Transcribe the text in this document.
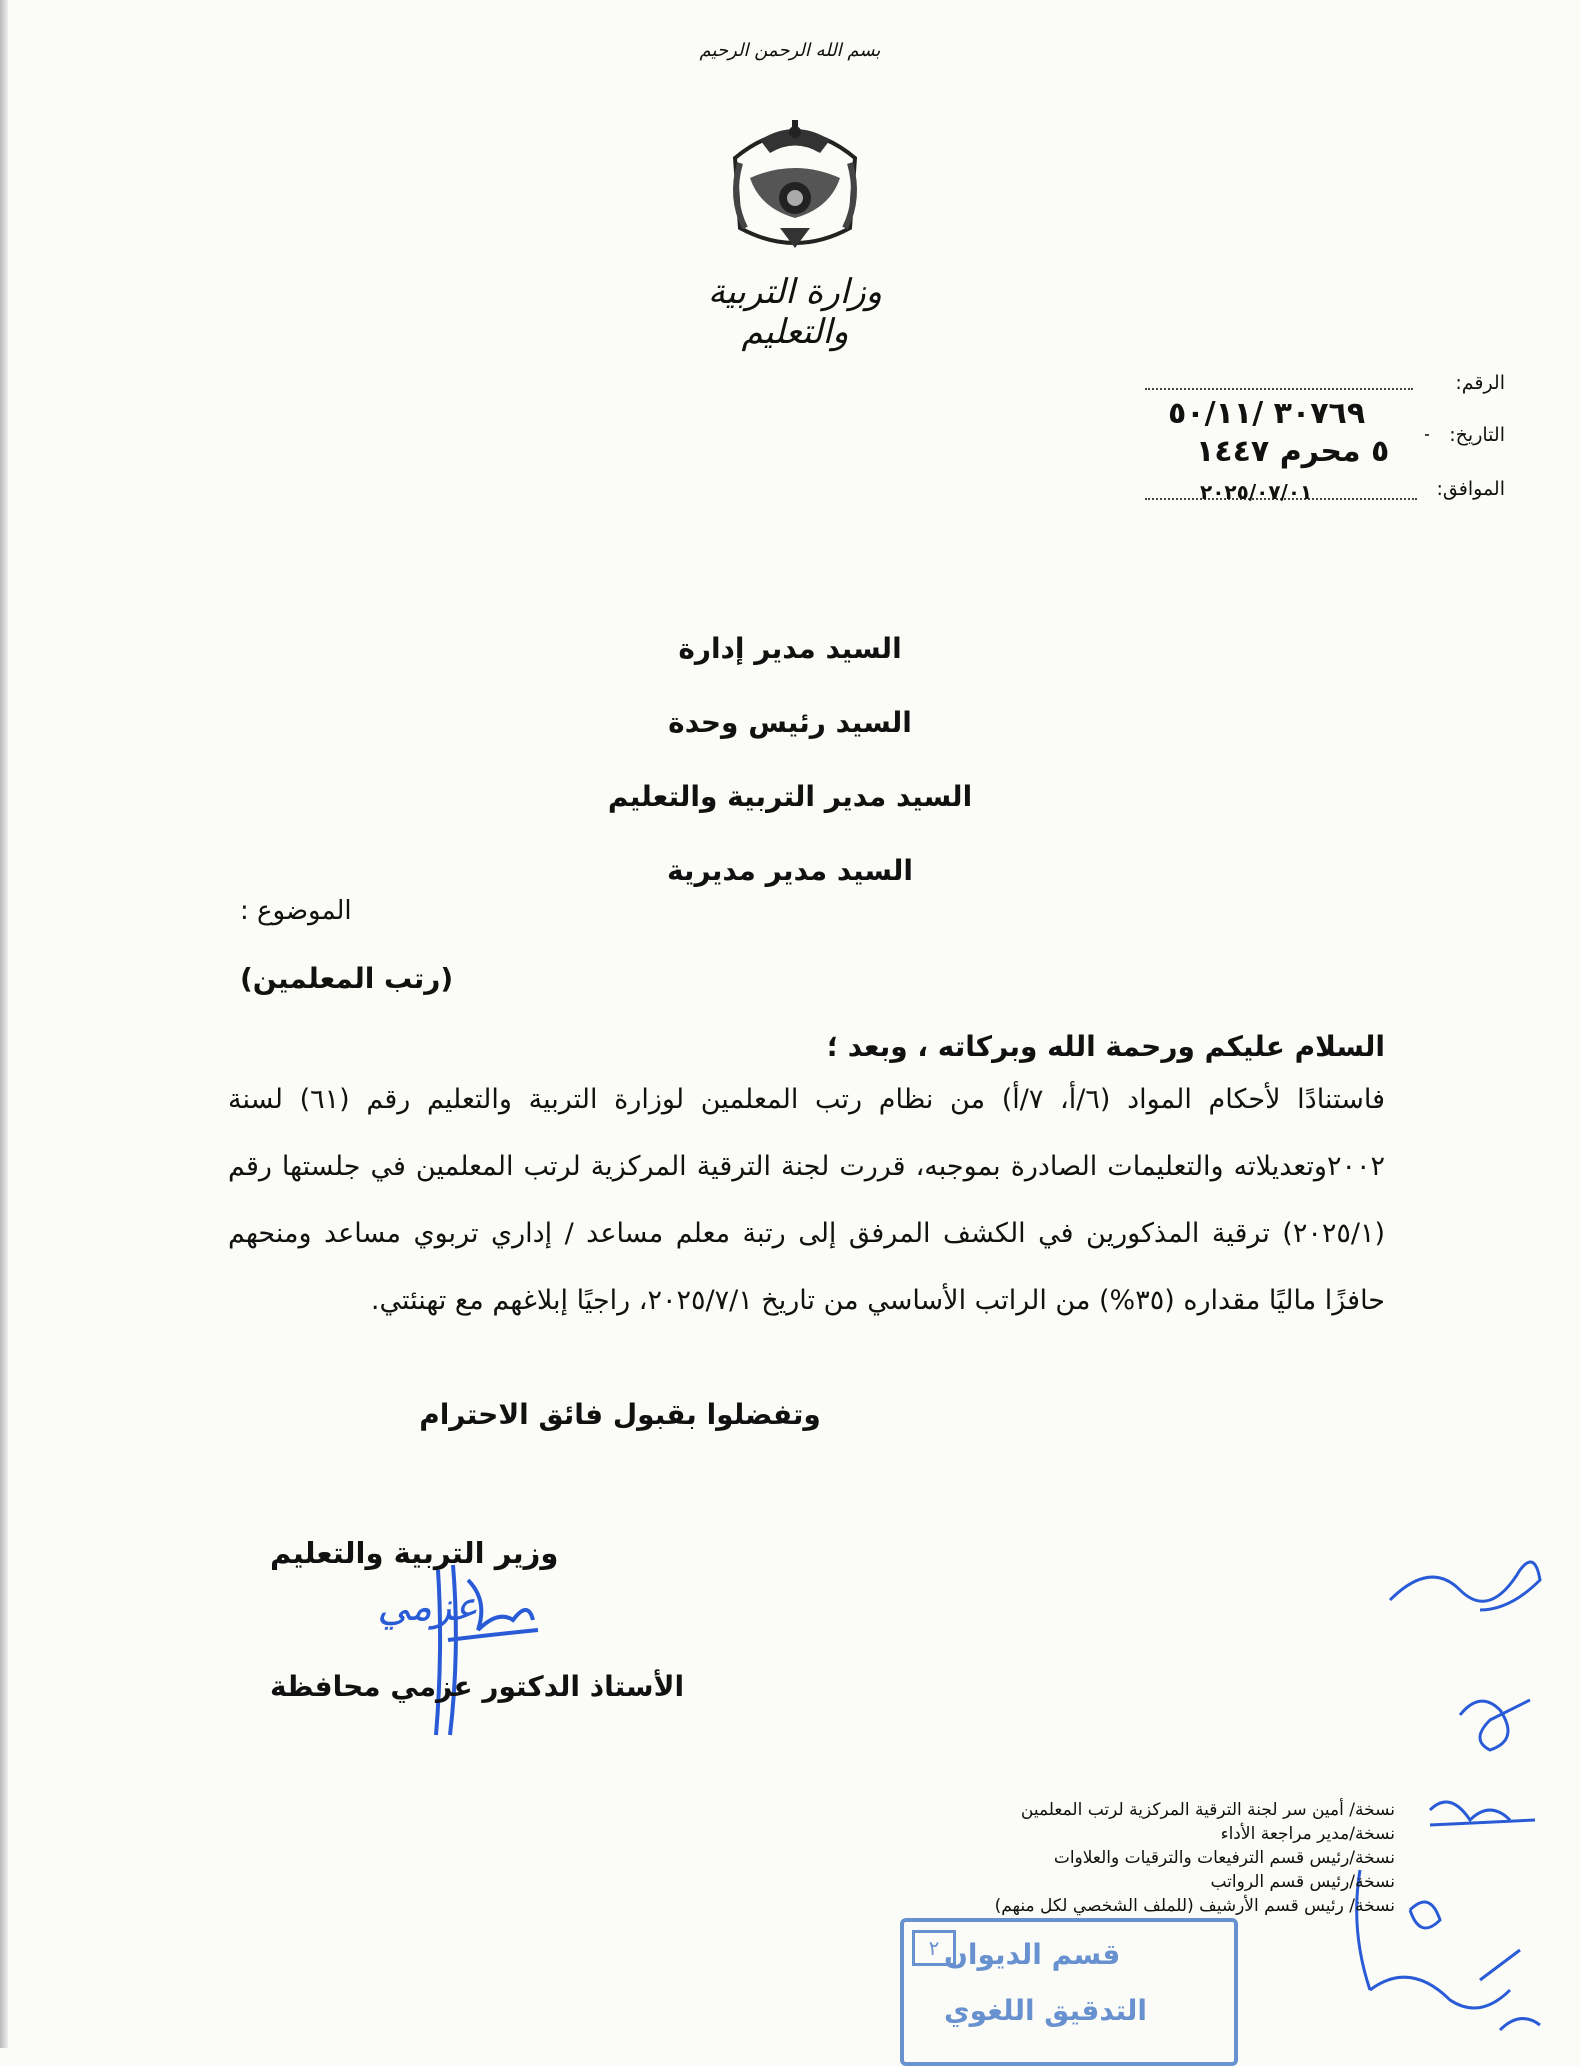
بسم الله الرحمن الرحيم
وزارة التربية والتعليم
الرقم:
٣٠٧٦٩ /٥٠/١١
التاريخ:
٥ محرم ١٤٤٧
الموافق:
٢٠٢٥/٠٧/٠١
السيد مدير إدارة
السيد رئيس وحدة
السيد مدير التربية والتعليم
السيد مدير مديرية
الموضوع :
(رتب المعلمين)
السلام عليكم ورحمة الله وبركاته ، وبعد ؛

فاستنادًا لأحكام المواد (٦/أ، ٧/أ) من نظام رتب المعلمين لوزارة التربية والتعليم رقم (٦١) لسنة ٢٠٠٢وتعديلاته والتعليمات الصادرة بموجبه، قررت لجنة الترقية المركزية لرتب المعلمين في جلستها رقم (٢٠٢٥/١) ترقية المذكورين في الكشف المرفق إلى رتبة معلم مساعد / إداري تربوي مساعد ومنحهم حافزًا ماليًا مقداره (٣٥%) من الراتب الأساسي من تاريخ ٢٠٢٥/٧/١، راجيًا إبلاغهم مع تهنئتي.

وتفضلوا بقبول فائق الاحترام
وزير التربية والتعليم
عزمي
الأستاذ الدكتور عزمي محافظة
نسخة/ أمين سر لجنة الترقية المركزية لرتب المعلمين
نسخة/مدير مراجعة الأداء
نسخة/رئيس قسم الترفيعات والترقيات والعلاوات
نسخة/رئيس قسم الرواتب
نسخة/ رئيس قسم الأرشيف (للملف الشخصي لكل منهم)
٢ قسم الديوان
التدقيق اللغوي
